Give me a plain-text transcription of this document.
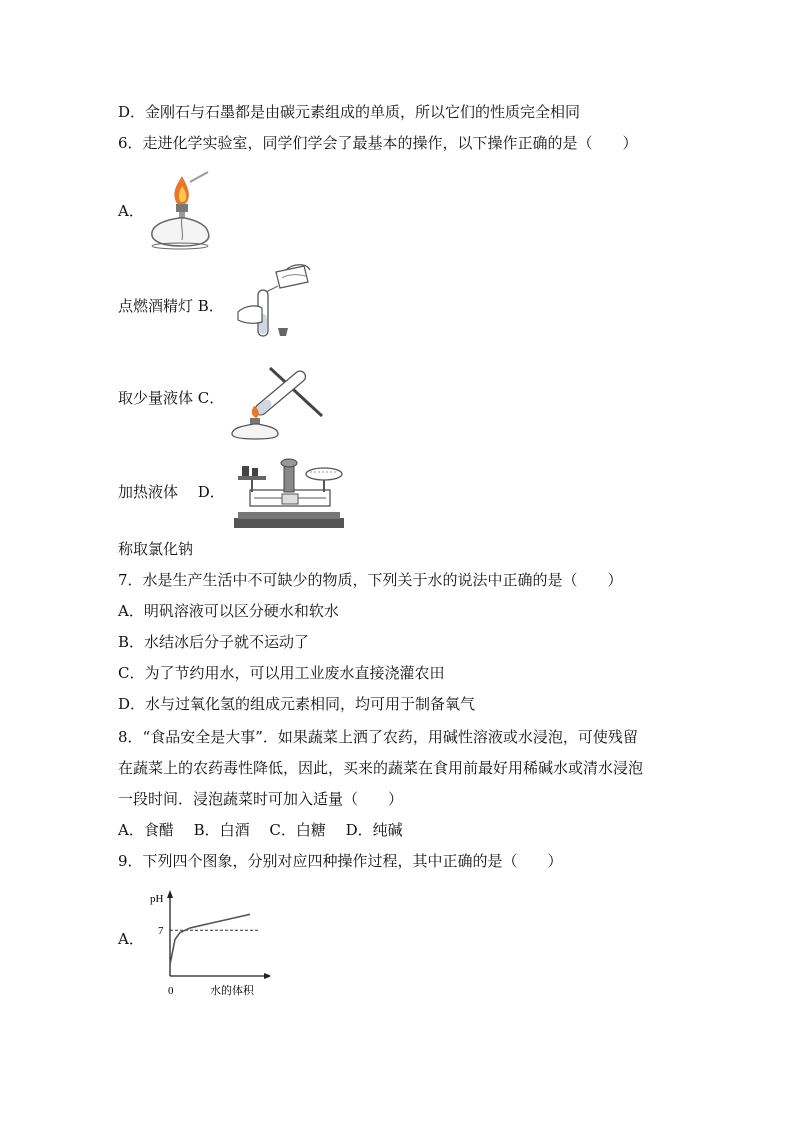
D．金刚石与石墨都是由碳元素组成的单质，所以它们的性质完全相同
6．走进化学实验室，同学们学会了最基本的操作，以下操作正确的是（　　）
A．
点燃酒精灯 B．
取少量液体 C．
加热液体　 D．
称取氯化钠
7．水是生产生活中不可缺少的物质，下列关于水的说法中正确的是（　　）
A．明矾溶液可以区分硬水和软水
B．水结冰后分子就不运动了
C．为了节约用水，可以用工业废水直接浇灌农田
D．水与过氧化氢的组成元素相同，均可用于制备氧气
8．“食品安全是大事”．如果蔬菜上洒了农药，用碱性溶液或水浸泡，可使残留
在蔬菜上的农药毒性降低，因此，买来的蔬菜在食用前最好用稀碱水或清水浸泡
一段时间．浸泡蔬菜时可加入适量（　　）
A．食醋　 B．白酒　 C．白糖　 D．纯碱
9．下列四个图象，分别对应四种操作过程，其中正确的是（　　）
A．
pH
水的体积
0
7
